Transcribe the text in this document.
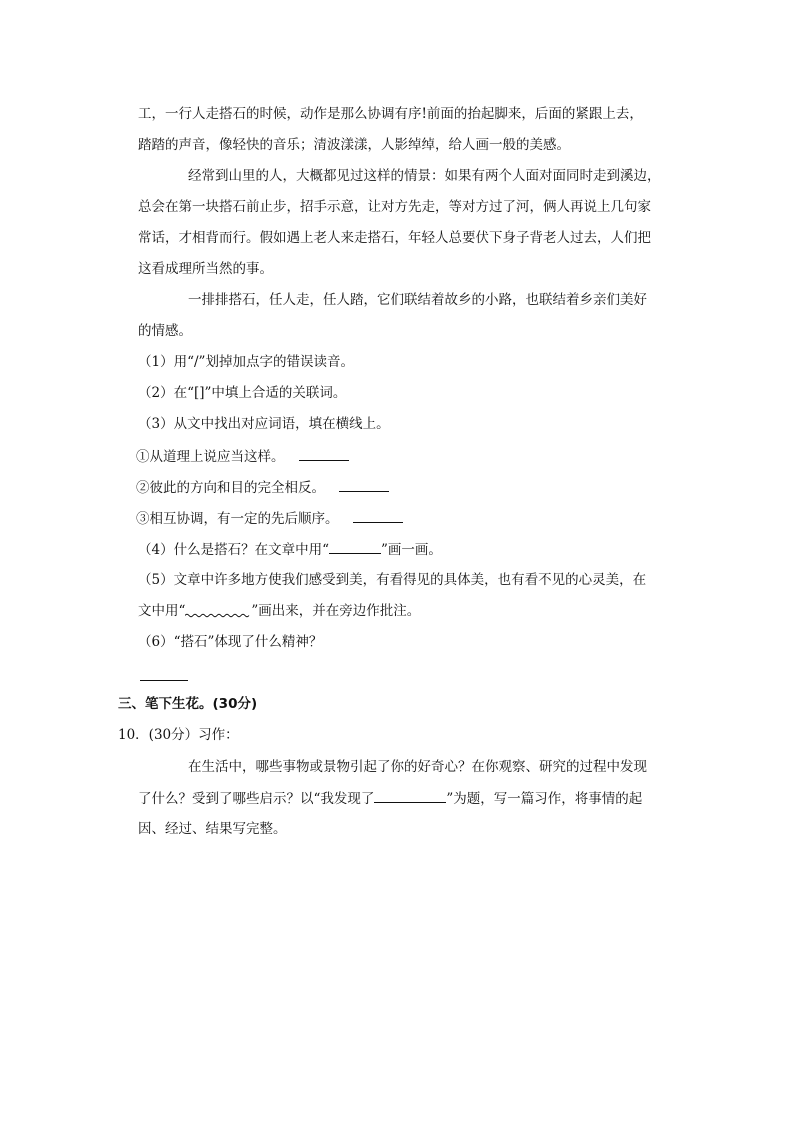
工，一行人走搭石的时候，动作是那么协调有序!前面的抬起脚来，后面的紧跟上去，
踏踏的声音，像轻快的音乐；清波漾漾，人影绰绰，给人画一般的美感。
经常到山里的人，大概都见过这样的情景：如果有两个人面对面同时走到溪边，
总会在第一块搭石前止步，招手示意，让对方先走，等对方过了河，俩人再说上几句家
常话，才相背而行。假如遇上老人来走搭石，年轻人总要伏下身子背老人过去，人们把
这看成理所当然的事。
一排排搭石，任人走，任人踏，它们联结着故乡的小路，也联结着乡亲们美好
的情感。
（1）用“/”划掉加点字的错误读音。
（2）在“[]”中填上合适的关联词。
（3）从文中找出对应词语，填在横线上。
①从道理上说应当这样。
②彼此的方向和目的完全相反。
③相互协调，有一定的先后顺序。
（4）什么是搭石？在文章中用“	”画一画。
（5）文章中许多地方使我们感受到美，有看得见的具体美，也有看不见的心灵美，在
文中用“	”画出来，并在旁边作批注。
（6）“搭石”体现了什么精神？
三、笔下生花。(30分)
10．(30分）习作：
在生活中，哪些事物或景物引起了你的好奇心？在你观察、研究的过程中发现
了什么？受到了哪些启示？以“我发现了	”为题，写一篇习作，将事情的起
因、经过、结果写完整。
